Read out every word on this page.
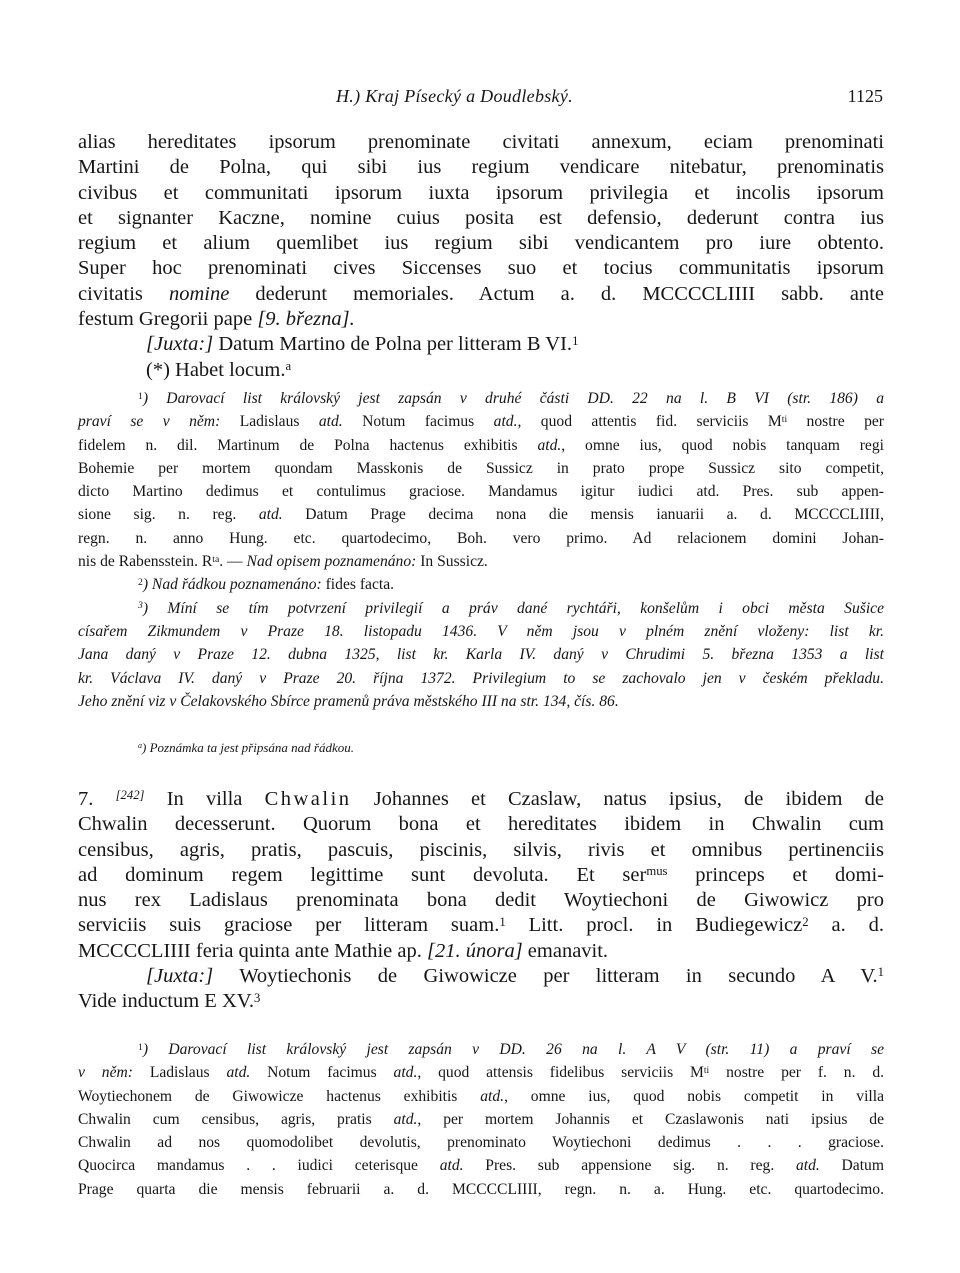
H.) Kraj Písecký a Doudlebský.	1125
alias hereditates ipsorum prenominate civitati annexum, eciam prenominati
Martini de Polna, qui sibi ius regium vendicare nitebatur, prenominatis
civibus et communitati ipsorum iuxta ipsorum privilegia et incolis ipsorum
et signanter Kaczne, nomine cuius posita est defensio, dederunt contra ius
regium et alium quemlibet ius regium sibi vendicantem pro iure obtento.
Super hoc prenominati cives Siccenses suo et tocius communitatis ipsorum
civitatis nomine dederunt memoriales. Actum a. d. MCCCCLIIII sabb. ante
festum Gregorii pape [9. března].
[Juxta:] Datum Martino de Polna per litteram B VI.$^1$
(*) Habet locum.$^a$
$^1$) Darovací list královský jest zapsán v druhé části DD. 22 na l. B VI (str. 186) a
praví se v něm: Ladislaus atd. Notum facimus atd., quod attentis fid. serviciis $M^{ti}$ nostre per
fidelem n. dil. Martinum de Polna hactenus exhibitis atd., omne ius, quod nobis tanquam regi
Bohemie per mortem quondam Masskonis de Sussicz in prato prope Sussicz sito competit,
dicto Martino dedimus et contulimus graciose. Mandamus igitur iudici atd. Pres. sub appen-
sione sig. n. reg. atd. Datum Prage decima nona die mensis ianuarii a. d. MCCCCLIIII,
regn. n. anno Hung. etc. quartodecimo, Boh. vero primo. Ad relacionem domini Johan-
nis de Rabensstein. $R^{ta}$. — Nad opisem poznamenáno: In Sussicz.
$^2$) Nad řádkou poznamenáno: fides facta.
$^3$) Míní se tím potvrzení privilegií a práv dané rychtáři, konšelům i obci města Sušice
císařem Zikmundem v Praze 18. listopadu 1436. V něm jsou v plném znění vloženy: list kr.
Jana daný v Praze 12. dubna 1325, list kr. Karla IV. daný v Chrudimi 5. března 1353 a list
kr. Václava IV. daný v Praze 20. října 1372. Privilegium to se zachovalo jen v českém překladu.
Jeho znění viz v Čelakovského Sbírce pramenů práva městského III na str. 134, čís. 86.
$^a$) Poznámka ta jest připsána nad řádkou.
7. [242] In villa Chwalin Johannes et Czaslaw, natus ipsius, de ibidem de
Chwalin decesserunt. Quorum bona et hereditates ibidem in Chwalin cum
censibus, agris, pratis, pascuis, piscinis, silvis, rivis et omnibus pertinenciis
ad dominum regem legittime sunt devoluta. Et ser$^{mus}$ princeps et domi-
nus rex Ladislaus prenominata bona dedit Woytiechoni de Giwowicz pro
serviciis suis graciose per litteram suam.$^1$ Litt. procl. in Budiegewicz$^2$ a. d.
MCCCCLIIII feria quinta ante Mathie ap. [21. února] emanavit.
[Juxta:] Woytiechonis de Giwowicze per litteram in secundo A V.$^1$
Vide inductum E XV.$^3$
$^1$) Darovací list královský jest zapsán v DD. 26 na l. A V (str. 11) a praví se
v něm: Ladislaus atd. Notum facimus atd., quod attensis fidelibus serviciis $M^{ti}$ nostre per f. n. d.
Woytiechonem de Giwowicze hactenus exhibitis atd., omne ius, quod nobis competit in villa
Chwalin cum censibus, agris, pratis atd., per mortem Johannis et Czaslawonis nati ipsius de
Chwalin ad nos quomodolibet devolutis, prenominato Woytiechoni dedimus . . . graciose.
Quocirca mandamus . . iudici ceterisque atd. Pres. sub appensione sig. n. reg. atd. Datum
Prage quarta die mensis februarii a. d. MCCCCLIIII, regn. n. a. Hung. etc. quartodecimo.
